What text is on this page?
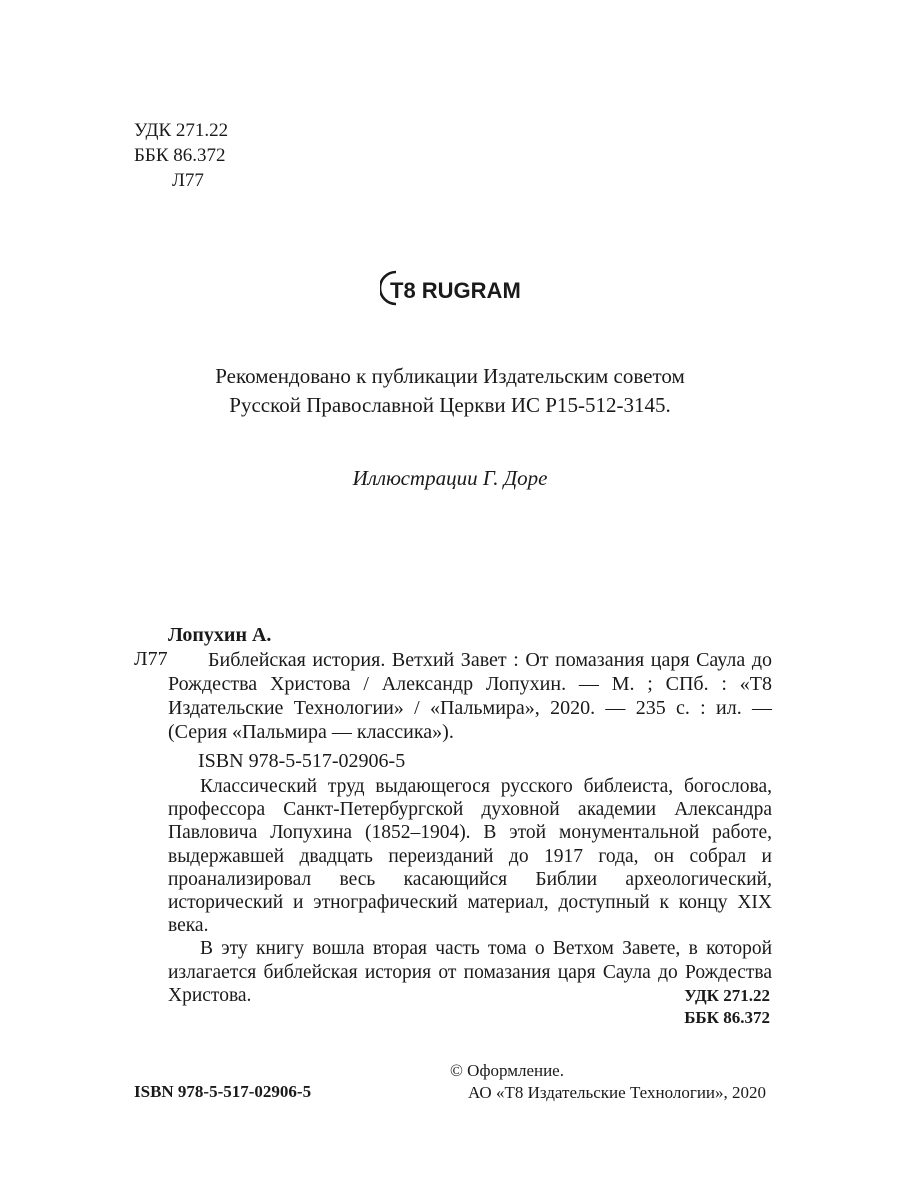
УДК 271.22
ББК 86.372
Л77
T8 RUGRAM
Рекомендовано к публикации Издательским советом
Русской Православной Церкви ИС Р15-512-3145.
Иллюстрации Г. Доре
Лопухин А.
Л77	Библейская история. Ветхий Завет : От помазания царя Саула до Рождества Христова / Александр Лопухин. — М. ; СПб. : «Т8 Издательские Технологии» / «Пальмира», 2020. — 235 с. : ил. — (Серия «Пальмира — классика»).
ISBN 978-5-517-02906-5

Классический труд выдающегося русского библеиста, богослова, профессора Санкт-Петербургской духовной академии Александра Павловича Лопухина (1852–1904). В этой монументальной работе, выдержавшей двадцать переизданий до 1917 года, он собрал и проанализировал весь касающийся Библии археологический, исторический и этнографический материал, доступный к концу XIX века.

В эту книгу вошла вторая часть тома о Ветхом Завете, в которой излагается библейская история от помазания царя Саула до Рождества Христова.	УДК 271.22
ББК 86.372
© Оформление.
АО «Т8 Издательские Технологии», 2020
ISBN 978-5-517-02906-5
